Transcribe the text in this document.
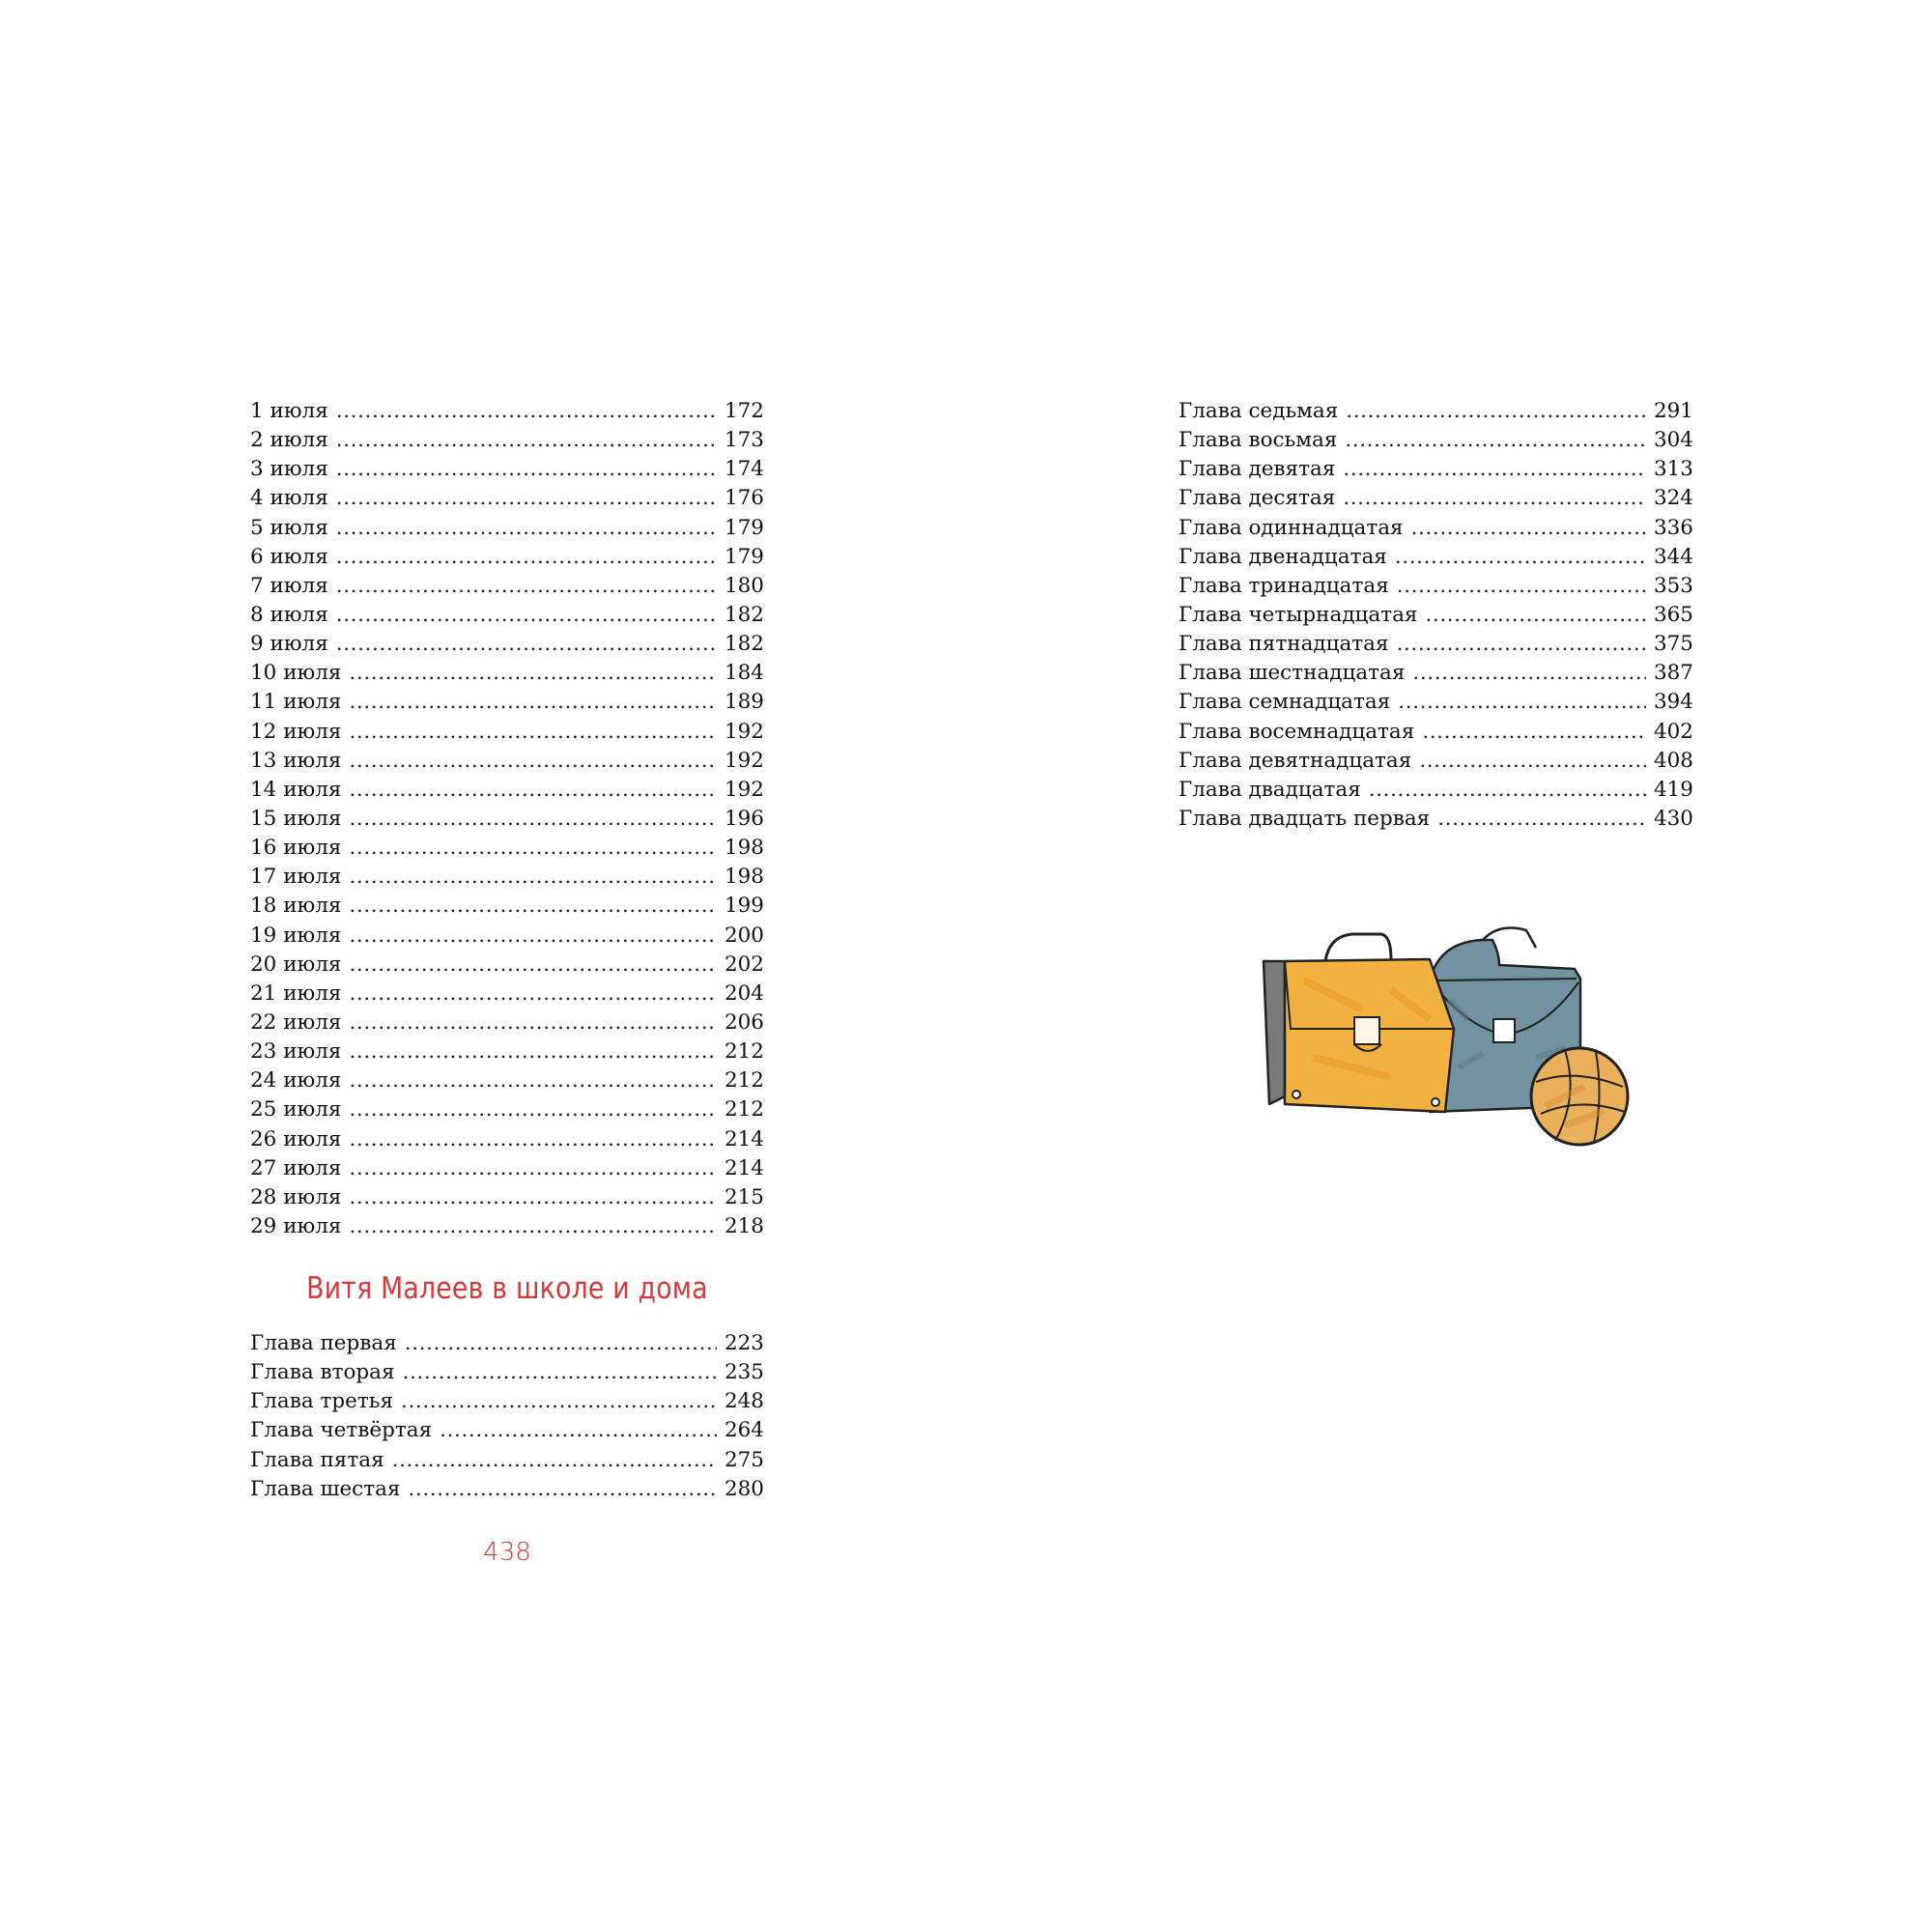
1 июля .....	172
2 июля .....	173
3 июля .....	174
4 июля .....	176
5 июля .....	179
6 июля .....	179
7 июля .....	180
8 июля .....	182
9 июля .....	182
10 июля .....	184
11 июля .....	189
12 июля .....	192
13 июля .....	192
14 июля .....	192
15 июля .....	196
16 июля .....	198
17 июля .....	198
18 июля .....	199
19 июля .....	200
20 июля .....	202
21 июля .....	204
22 июля .....	206
23 июля .....	212
24 июля .....	212
25 июля .....	212
26 июля .....	214
27 июля .....	214
28 июля .....	215
29 июля .....	218
Витя Малеев в школе и дома
Глава первая .....	223
Глава вторая .....	235
Глава третья .....	248
Глава четвёртая .....	264
Глава пятая .....	275
Глава шестая .....	280
Глава седьмая .....	291
Глава восьмая .....	304
Глава девятая .....	313
Глава десятая .....	324
Глава одиннадцатая .....	336
Глава двенадцатая .....	344
Глава тринадцатая .....	353
Глава четырнадцатая .....	365
Глава пятнадцатая .....	375
Глава шестнадцатая .....	387
Глава семнадцатая .....	394
Глава восемнадцатая .....	402
Глава девятнадцатая .....	408
Глава двадцатая .....	419
Глава двадцать первая .....	430
438
